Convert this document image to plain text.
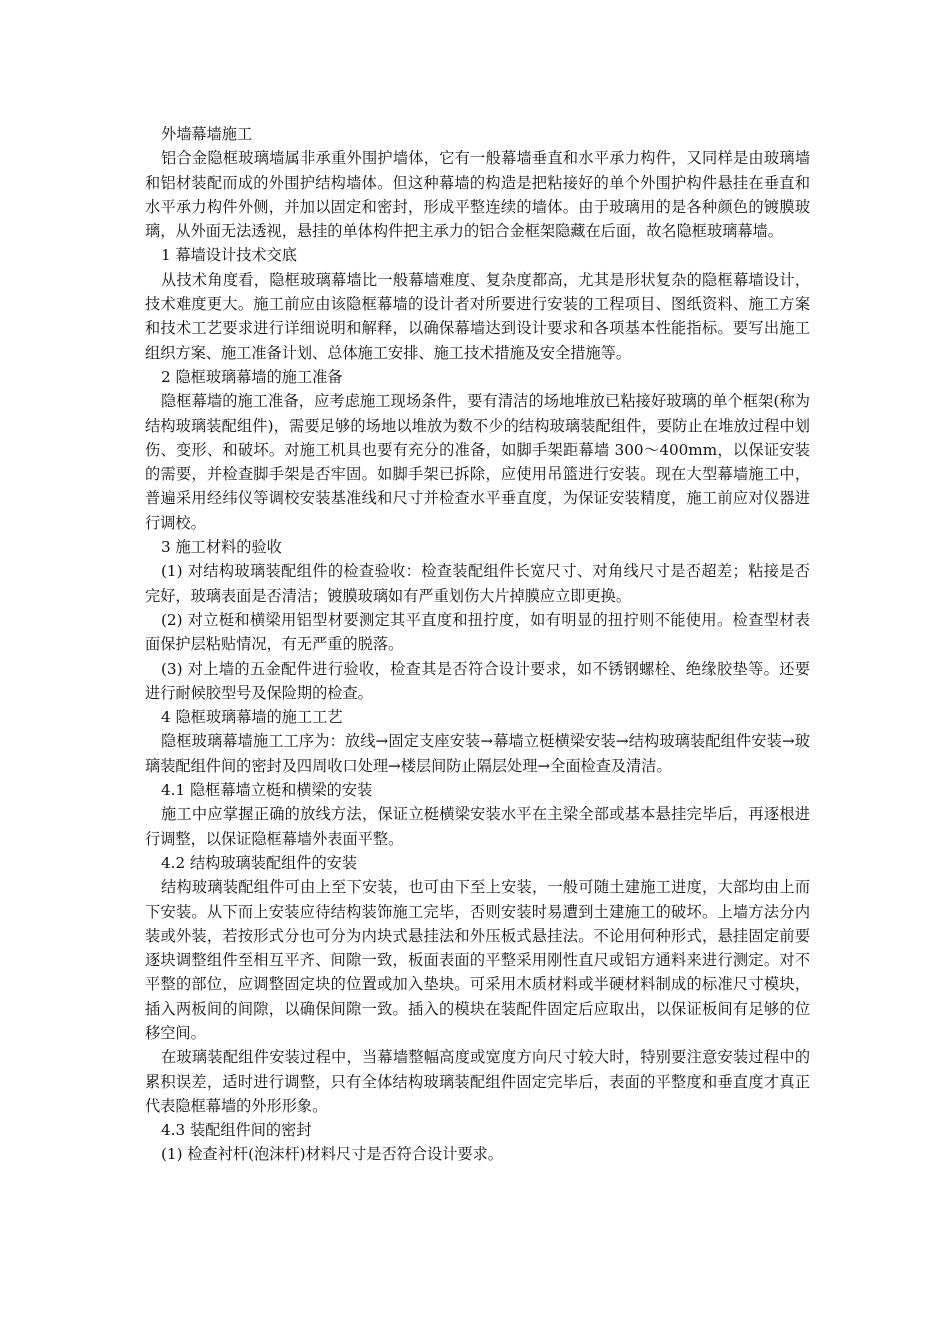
外墙幕墙施工

铝合金隐框玻璃墙属非承重外围护墙体，它有一般幕墙垂直和水平承力构件，又同样是由玻璃墙和铝材装配而成的外围护结构墙体。但这种幕墙的构造是把粘接好的单个外围护构件悬挂在垂直和水平承力构件外侧，并加以固定和密封，形成平整连续的墙体。由于玻璃用的是各种颜色的镀膜玻璃，从外面无法透视，悬挂的单体构件把主承力的铝合金框架隐藏在后面，故名隐框玻璃幕墙。

1 幕墙设计技术交底

从技术角度看，隐框玻璃幕墙比一般幕墙难度、复杂度都高，尤其是形状复杂的隐框幕墙设计，技术难度更大。施工前应由该隐框幕墙的设计者对所要进行安装的工程项目、图纸资料、施工方案和技术工艺要求进行详细说明和解释，以确保幕墙达到设计要求和各项基本性能指标。要写出施工组织方案、施工准备计划、总体施工安排、施工技术措施及安全措施等。

2 隐框玻璃幕墙的施工准备

隐框幕墙的施工准备，应考虑施工现场条件，要有清洁的场地堆放已粘接好玻璃的单个框架(称为结构玻璃装配组件)，需要足够的场地以堆放为数不少的结构玻璃装配组件，要防止在堆放过程中划伤、变形、和破坏。对施工机具也要有充分的准备，如脚手架距幕墙 300～400mm，以保证安装的需要，并检查脚手架是否牢固。如脚手架已拆除，应使用吊篮进行安装。现在大型幕墙施工中，普遍采用经纬仪等调校安装基准线和尺寸并检查水平垂直度，为保证安装精度，施工前应对仪器进行调校。

3 施工材料的验收

(1) 对结构玻璃装配组件的检查验收：检查装配组件长宽尺寸、对角线尺寸是否超差；粘接是否完好，玻璃表面是否清洁；镀膜玻璃如有严重划伤大片掉膜应立即更换。

(2) 对立梃和横梁用铝型材要测定其平直度和扭拧度，如有明显的扭拧则不能使用。检查型材表面保护层粘贴情况，有无严重的脱落。

(3) 对上墙的五金配件进行验收，检查其是否符合设计要求，如不锈钢螺栓、绝缘胶垫等。还要进行耐候胶型号及保险期的检查。

4 隐框玻璃幕墙的施工工艺

隐框玻璃幕墙施工工序为：放线→固定支座安装→幕墙立梃横梁安装→结构玻璃装配组件安装→玻璃装配组件间的密封及四周收口处理→楼层间防止隔层处理→全面检查及清洁。

4.1 隐框幕墙立梃和横梁的安装

施工中应掌握正确的放线方法，保证立梃横梁安装水平在主梁全部或基本悬挂完毕后，再逐根进行调整，以保证隐框幕墙外表面平整。

4.2 结构玻璃装配组件的安装

结构玻璃装配组件可由上至下安装，也可由下至上安装，一般可随土建施工进度，大部均由上而下安装。从下而上安装应待结构装饰施工完毕，否则安装时易遭到土建施工的破坏。上墙方法分内装或外装，若按形式分也可分为内块式悬挂法和外压板式悬挂法。不论用何种形式，悬挂固定前要逐块调整组件至相互平齐、间隙一致，板面表面的平整采用刚性直尺或铝方通料来进行测定。对不平整的部位，应调整固定块的位置或加入垫块。可采用木质材料或半硬材料制成的标准尺寸模块，插入两板间的间隙，以确保间隙一致。插入的模块在装配件固定后应取出，以保证板间有足够的位移空间。

在玻璃装配组件安装过程中，当幕墙整幅高度或宽度方向尺寸较大时，特别要注意安装过程中的累积误差，适时进行调整，只有全体结构玻璃装配组件固定完毕后，表面的平整度和垂直度才真正代表隐框幕墙的外形形象。

4.3 装配组件间的密封

(1) 检查衬杆(泡沫杆)材料尺寸是否符合设计要求。
